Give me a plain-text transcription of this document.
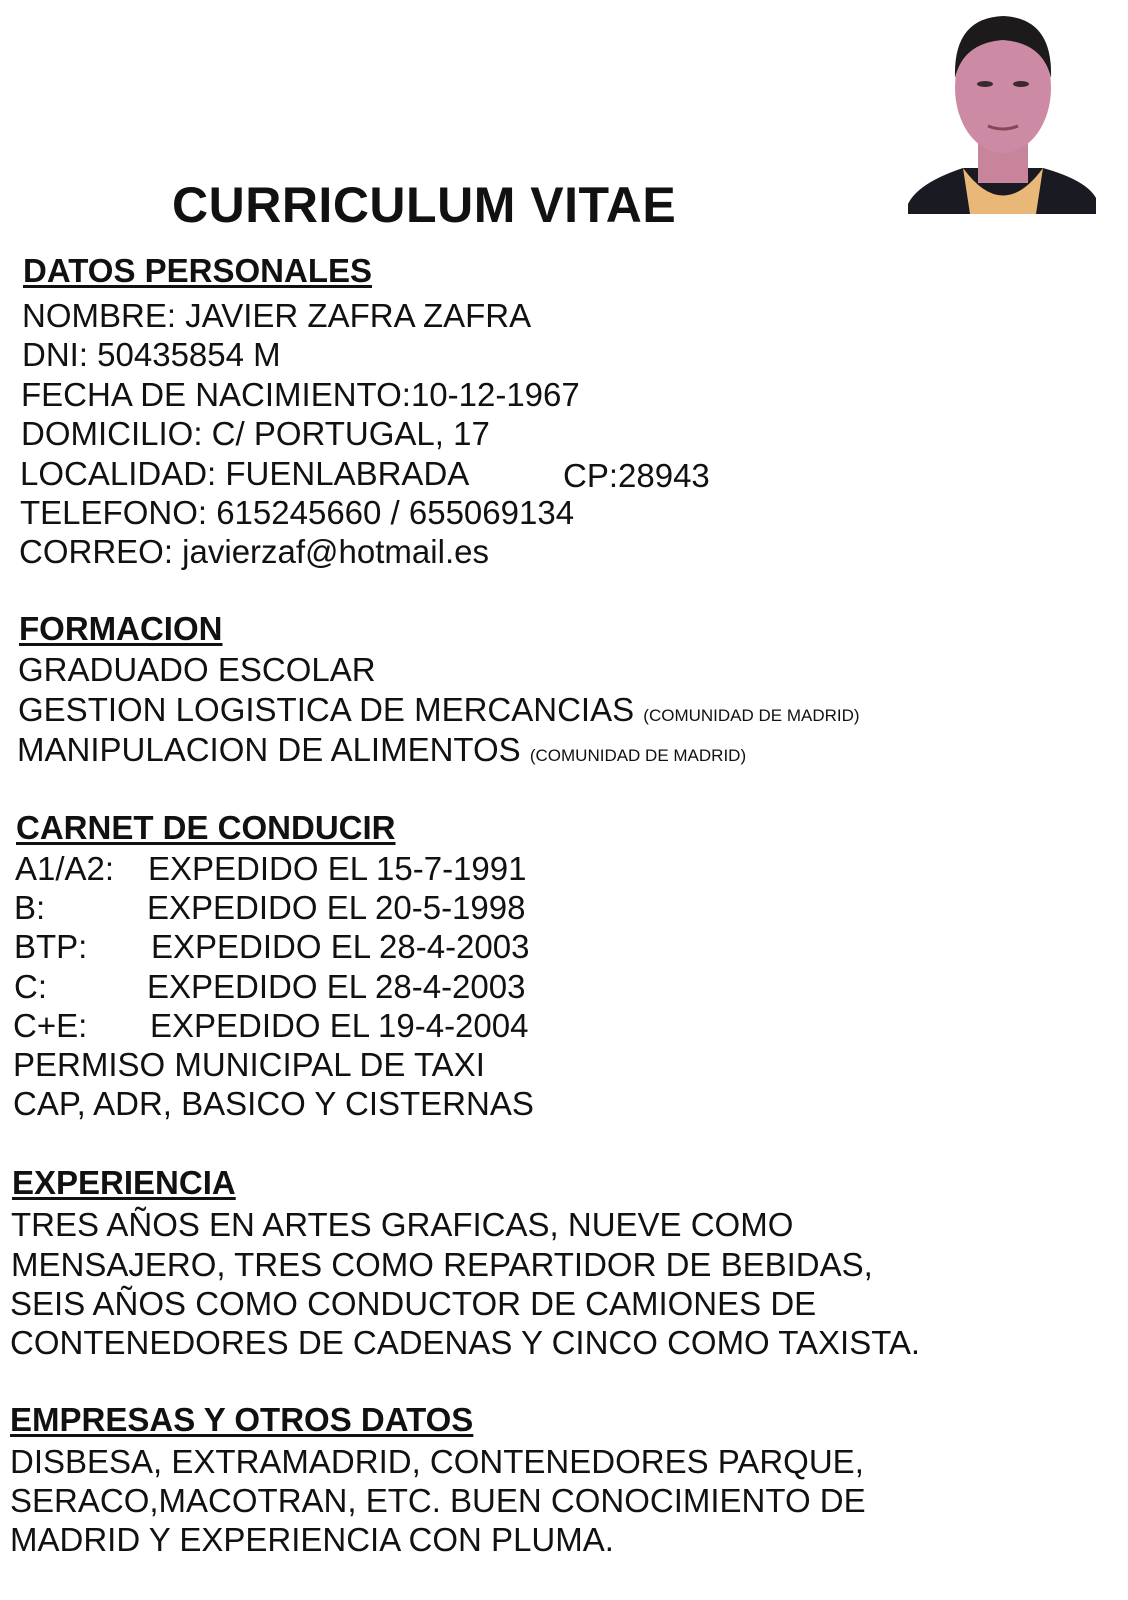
CURRICULUM VITAE
DATOS PERSONALES
NOMBRE: JAVIER ZAFRA ZAFRA
DNI: 50435854 M
FECHA DE NACIMIENTO:10-12-1967
DOMICILIO: C/ PORTUGAL, 17
LOCALIDAD: FUENLABRADA	CP:28943
TELEFONO: 615245660 / 655069134
CORREO: javierzaf@hotmail.es
FORMACION
GRADUADO ESCOLAR
GESTION LOGISTICA DE MERCANCIAS (COMUNIDAD DE MADRID)
MANIPULACION DE ALIMENTOS (COMUNIDAD DE MADRID)
CARNET DE CONDUCIR
A1/A2:	EXPEDIDO EL 15-7-1991
B:	EXPEDIDO EL 20-5-1998
BTP:	EXPEDIDO EL 28-4-2003
C:	EXPEDIDO EL 28-4-2003
C+E:	EXPEDIDO EL 19-4-2004
PERMISO MUNICIPAL DE TAXI
CAP, ADR, BASICO Y CISTERNAS
EXPERIENCIA
TRES AÑOS EN ARTES GRAFICAS, NUEVE COMO
MENSAJERO, TRES COMO REPARTIDOR DE BEBIDAS,
SEIS AÑOS COMO CONDUCTOR DE CAMIONES DE
CONTENEDORES DE CADENAS Y CINCO COMO TAXISTA.
EMPRESAS Y OTROS DATOS
DISBESA, EXTRAMADRID, CONTENEDORES PARQUE,
SERACO,MACOTRAN, ETC. BUEN CONOCIMIENTO DE
MADRID Y EXPERIENCIA CON PLUMA.
